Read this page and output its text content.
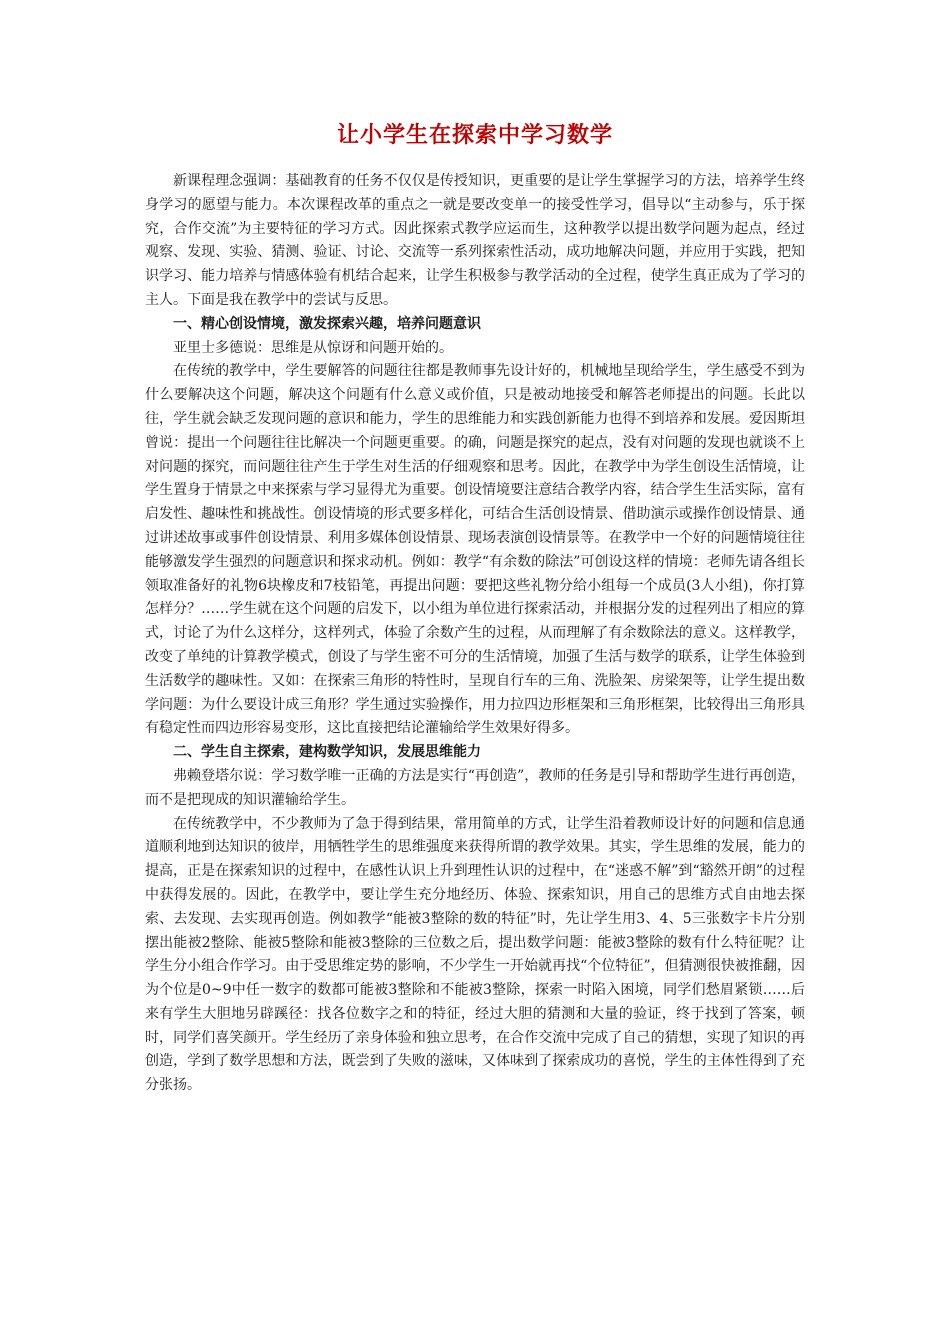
让小学生在探索中学习数学

新课程理念强调：基础教育的任务不仅仅是传授知识，更重要的是让学生掌握学习的方法，培养学生终身学习的愿望与能力。本次课程改革的重点之一就是要改变单一的接受性学习，倡导以“主动参与，乐于探究，合作交流”为主要特征的学习方式。因此探索式教学应运而生，这种教学以提出数学问题为起点，经过观察、发现、实验、猜测、验证、讨论、交流等一系列探索性活动，成功地解决问题，并应用于实践，把知识学习、能力培养与情感体验有机结合起来，让学生积极参与教学活动的全过程，使学生真正成为了学习的主人。下面是我在教学中的尝试与反思。

一、精心创设情境，激发探索兴趣，培养问题意识

亚里士多德说：思维是从惊讶和问题开始的。

在传统的教学中，学生要解答的问题往往都是教师事先设计好的，机械地呈现给学生，学生感受不到为什么要解决这个问题，解决这个问题有什么意义或价值，只是被动地接受和解答老师提出的问题。长此以往，学生就会缺乏发现问题的意识和能力，学生的思维能力和实践创新能力也得不到培养和发展。爱因斯坦曾说：提出一个问题往往比解决一个问题更重要。的确，问题是探究的起点，没有对问题的发现也就谈不上对问题的探究，而问题往往产生于学生对生活的仔细观察和思考。因此，在教学中为学生创设生活情境，让学生置身于情景之中来探索与学习显得尤为重要。创设情境要注意结合教学内容，结合学生生活实际，富有启发性、趣味性和挑战性。创设情境的形式要多样化，可结合生活创设情景、借助演示或操作创设情景、通过讲述故事或事件创设情景、利用多媒体创设情景、现场表演创设情景等。在教学中一个好的问题情境往往能够激发学生强烈的问题意识和探求动机。例如：教学“有余数的除法”可创设这样的情境：老师先请各组长领取准备好的礼物6块橡皮和7枝铅笔，再提出问题：要把这些礼物分给小组每一个成员(3人小组)，你打算怎样分？……学生就在这个问题的启发下，以小组为单位进行探索活动，并根据分发的过程列出了相应的算式，讨论了为什么这样分，这样列式，体验了余数产生的过程，从而理解了有余数除法的意义。这样教学，改变了单纯的计算教学模式，创设了与学生密不可分的生活情境，加强了生活与数学的联系，让学生体验到生活数学的趣味性。又如：在探索三角形的特性时，呈现自行车的三角、洗脸架、房梁架等，让学生提出数学问题：为什么要设计成三角形？学生通过实验操作，用力拉四边形框架和三角形框架，比较得出三角形具有稳定性而四边形容易变形，这比直接把结论灌输给学生效果好得多。

二、学生自主探索，建构数学知识，发展思维能力

弗赖登塔尔说：学习数学唯一正确的方法是实行“再创造”，教师的任务是引导和帮助学生进行再创造，而不是把现成的知识灌输给学生。

在传统教学中，不少教师为了急于得到结果，常用简单的方式，让学生沿着教师设计好的问题和信息通道顺利地到达知识的彼岸，用牺牲学生的思维强度来获得所谓的教学效果。其实，学生思维的发展，能力的提高，正是在探索知识的过程中，在感性认识上升到理性认识的过程中，在“迷惑不解”到“豁然开朗”的过程中获得发展的。因此，在教学中，要让学生充分地经历、体验、探索知识，用自己的思维方式自由地去探索、去发现、去实现再创造。例如教学“能被3整除的数的特征”时，先让学生用3、4、5三张数字卡片分别摆出能被2整除、能被5整除和能被3整除的三位数之后，提出数学问题：能被3整除的数有什么特征呢？让学生分小组合作学习。由于受思维定势的影响，不少学生一开始就再找“个位特征”，但猜测很快被推翻，因为个位是0~9中任一数字的数都可能被3整除和不能被3整除，探索一时陷入困境，同学们愁眉紧锁……后来有学生大胆地另辟蹊径：找各位数字之和的特征，经过大胆的猜测和大量的验证，终于找到了答案，顿时，同学们喜笑颜开。学生经历了亲身体验和独立思考，在合作交流中完成了自己的猜想，实现了知识的再创造，学到了数学思想和方法，既尝到了失败的滋味，又体味到了探索成功的喜悦，学生的主体性得到了充分张扬。
